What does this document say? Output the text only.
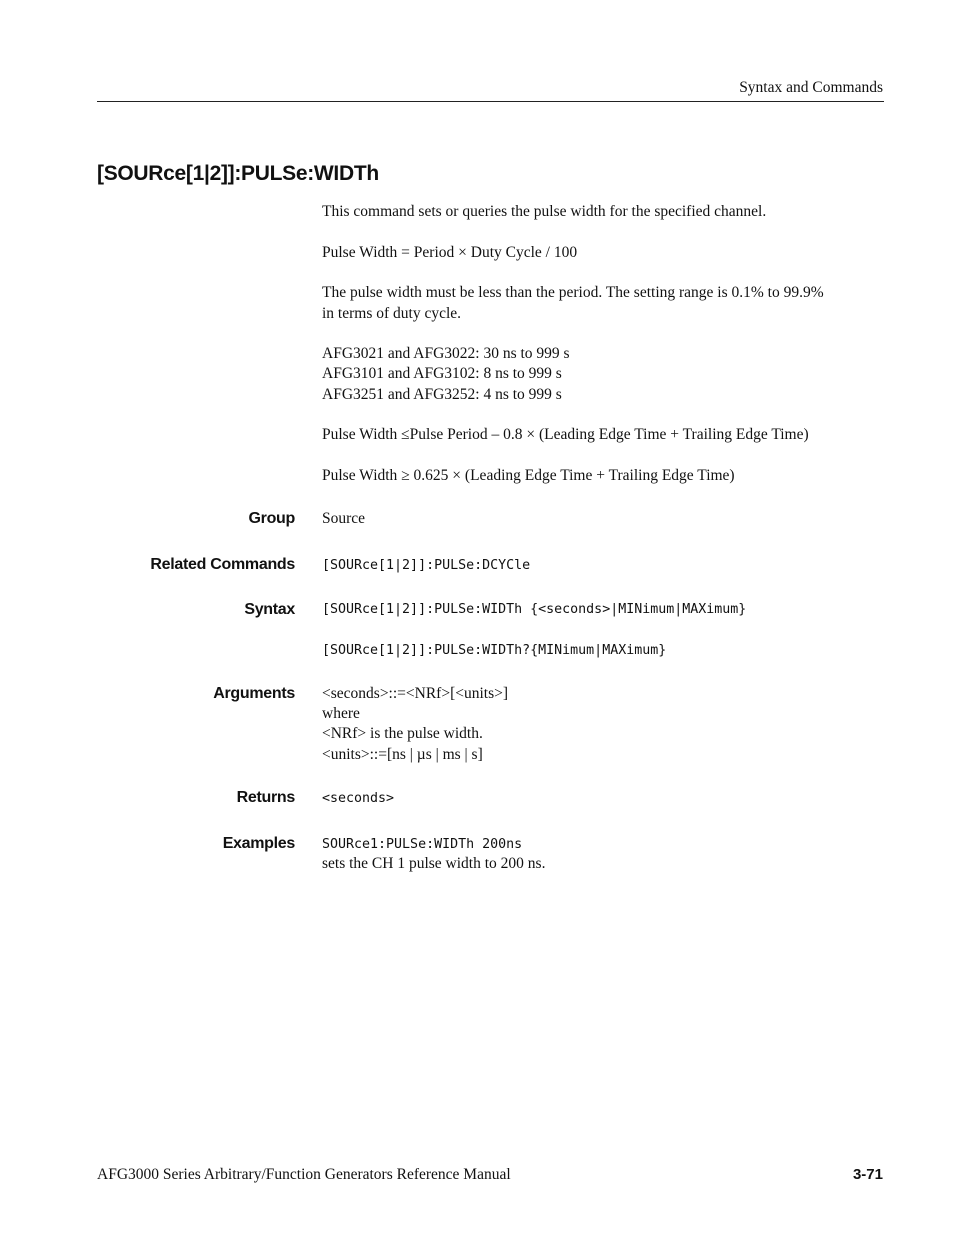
Syntax and Commands
[SOURce[1|2]]:PULSe:WIDTh
This command sets or queries the pulse width for the specified channel.
Pulse Width = Period × Duty Cycle / 100
The pulse width must be less than the period. The setting range is 0.1% to 99.9%
in terms of duty cycle.
AFG3021 and AFG3022: 30 ns to 999 s
AFG3101 and AFG3102: 8 ns to 999 s
AFG3251 and AFG3252: 4 ns to 999 s
Pulse Width ≤Pulse Period – 0.8 × (Leading Edge Time + Trailing Edge Time)
Pulse Width ≥ 0.625 × (Leading Edge Time + Trailing Edge Time)
Group Source
Related Commands [SOURce[1|2]]:PULSe:DCYCle
Syntax [SOURce[1|2]]:PULSe:WIDTh {<seconds>|MINimum|MAXimum}
[SOURce[1|2]]:PULSe:WIDTh?{MINimum|MAXimum}
Arguments <seconds>::=<NRf>[<units>]
where
<NRf> is the pulse width.
<units>::=[ns | µs | ms | s]
Returns <seconds>
Examples SOURce1:PULSe:WIDTh 200ns
sets the CH 1 pulse width to 200 ns.
AFG3000 Series Arbitrary/Function Generators Reference Manual	3-71
